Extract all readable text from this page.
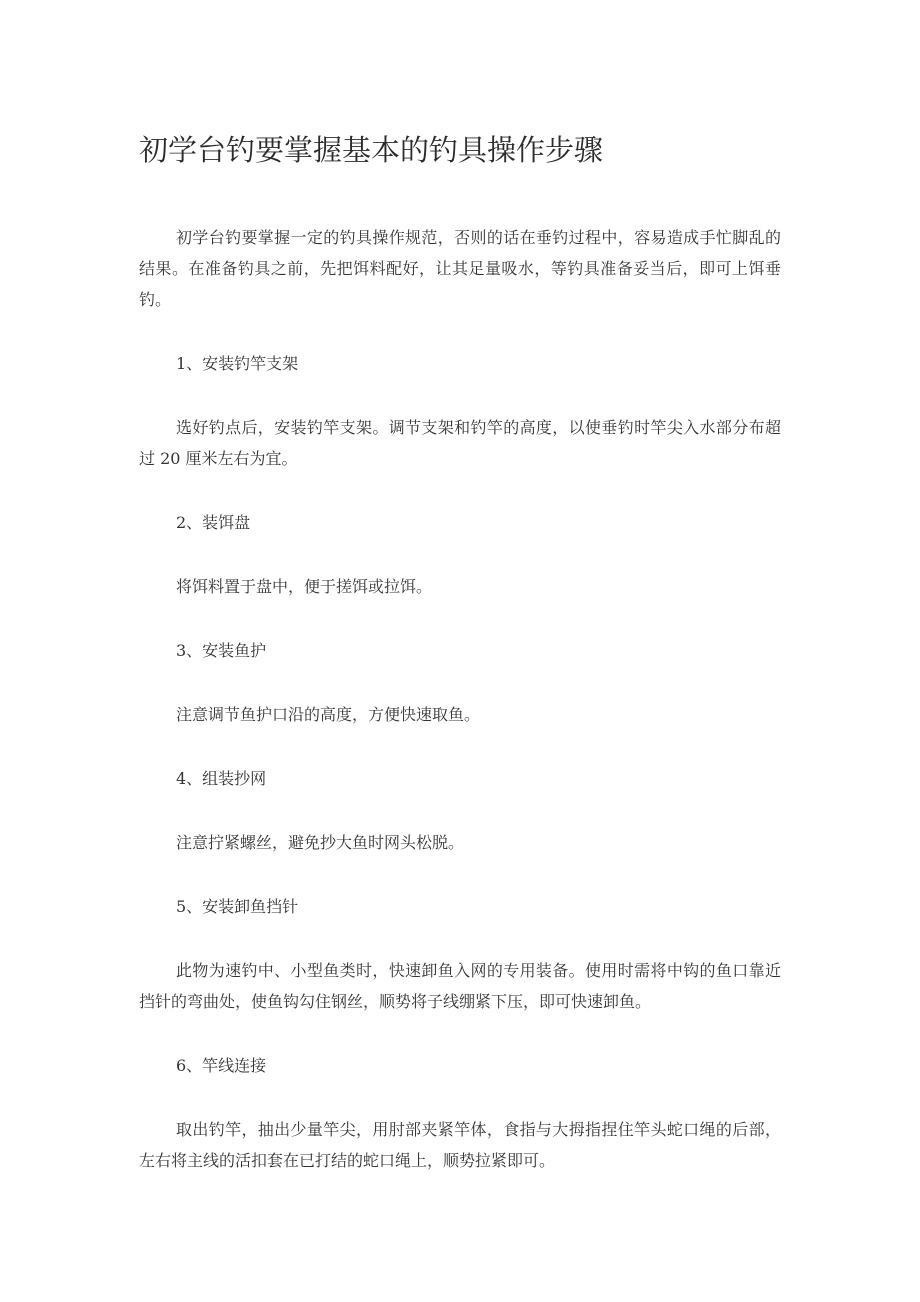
初学台钓要掌握基本的钓具操作步骤

初学台钓要掌握一定的钓具操作规范，否则的话在垂钓过程中，容易造成手忙脚乱的结果。在准备钓具之前，先把饵料配好，让其足量吸水，等钓具准备妥当后，即可上饵垂钓。

1、安装钓竿支架

选好钓点后，安装钓竿支架。调节支架和钓竿的高度，以使垂钓时竿尖入水部分布超过 20 厘米左右为宜。

2、装饵盘

将饵料置于盘中，便于搓饵或拉饵。

3、安装鱼护

注意调节鱼护口沿的高度，方便快速取鱼。

4、组装抄网

注意拧紧螺丝，避免抄大鱼时网头松脱。

5、安装卸鱼挡针

此物为速钓中、小型鱼类时，快速卸鱼入网的专用装备。使用时需将中钩的鱼口靠近挡针的弯曲处，使鱼钩勾住钢丝，顺势将子线绷紧下压，即可快速卸鱼。

6、竿线连接

取出钓竿，抽出少量竿尖，用肘部夹紧竿体，食指与大拇指捏住竿头蛇口绳的后部，左右将主线的活扣套在已打结的蛇口绳上，顺势拉紧即可。
